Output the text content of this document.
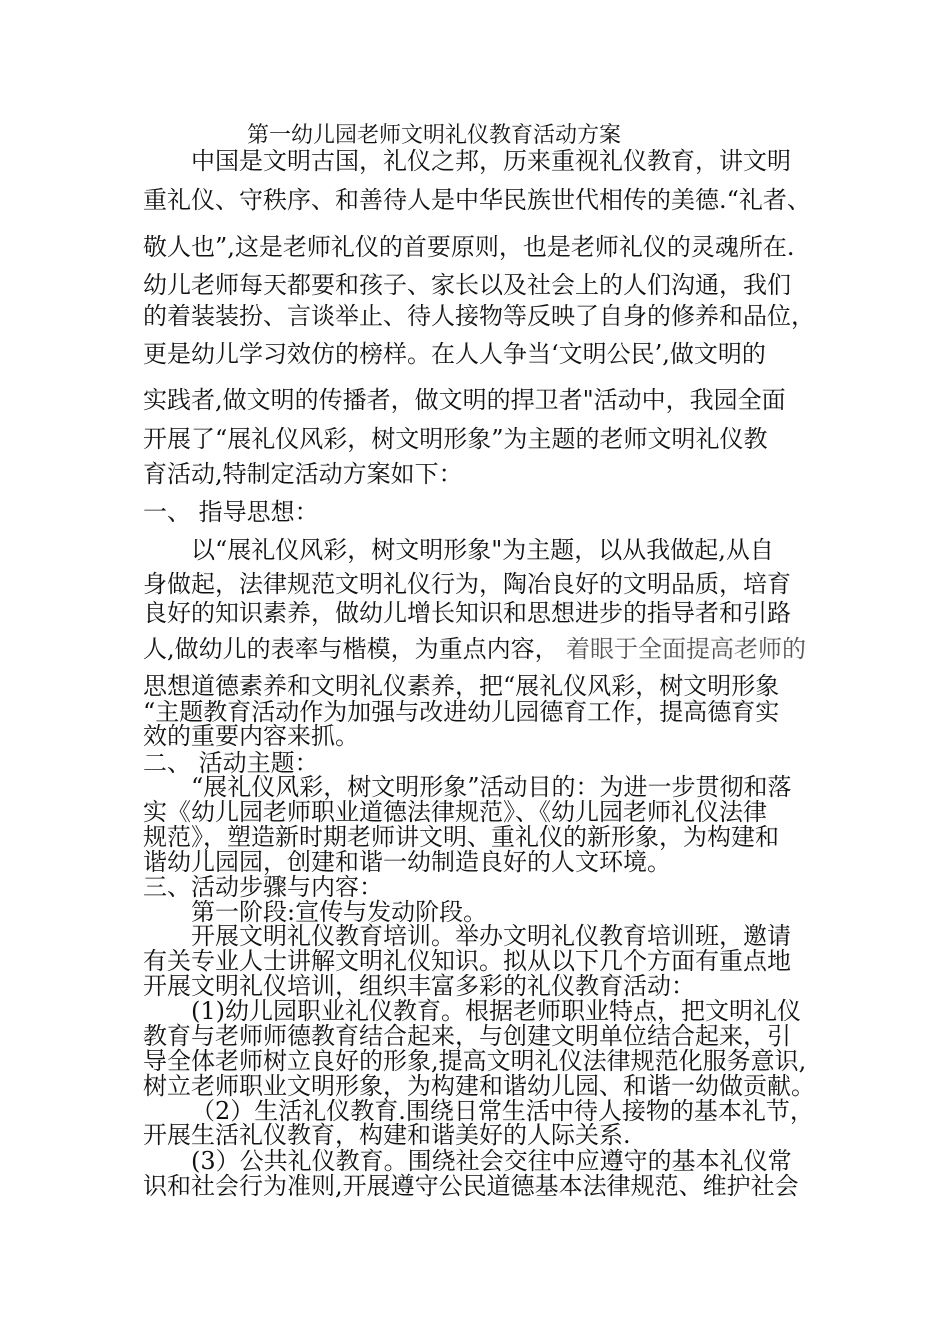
第一幼儿园老师文明礼仪教育活动方案

中国是文明古国，礼仪之邦，历来重视礼仪教育，讲文明

重礼仪、守秩序、和善待人是中华民族世代相传的美德.“礼者、

敬人也”,这是老师礼仪的首要原则，也是老师礼仪的灵魂所在.

幼儿老师每天都要和孩子、家长以及社会上的人们沟通，我们

的着装装扮、言谈举止、待人接物等反映了自身的修养和品位，

更是幼儿学习效仿的榜样。在人人争当‘文明公民’,做文明的

实践者,做文明的传播者，做文明的捍卫者"活动中，我园全面

开展了“展礼仪风彩，树文明形象”为主题的老师文明礼仪教

育活动,特制定活动方案如下：

一、 指导思想：

以“展礼仪风彩，树文明形象"为主题，以从我做起,从自

身做起，法律规范文明礼仪行为，陶冶良好的文明品质，培育

良好的知识素养，做幼儿增长知识和思想进步的指导者和引路

人,做幼儿的表率与楷模，为重点内容， 着眼于全面提高老师的

思想道德素养和文明礼仪素养，把“展礼仪风彩，树文明形象

“主题教育活动作为加强与改进幼儿园德育工作，提高德育实

效的重要内容来抓。

二、 活动主题：

“展礼仪风彩，树文明形象”活动目的：为进一步贯彻和落

实《幼儿园老师职业道德法律规范》、《幼儿园老师礼仪法律

规范》，塑造新时期老师讲文明、重礼仪的新形象，为构建和

谐幼儿园园，创建和谐一幼制造良好的人文环境。

三、活动步骤与内容：

第一阶段:宣传与发动阶段。

开展文明礼仪教育培训。举办文明礼仪教育培训班，邀请

有关专业人士讲解文明礼仪知识。拟从以下几个方面有重点地

开展文明礼仪培训，组织丰富多彩的礼仪教育活动：

(1)幼儿园职业礼仪教育。根据老师职业特点，把文明礼仪

教育与老师师德教育结合起来，与创建文明单位结合起来，引

导全体老师树立良好的形象,提高文明礼仪法律规范化服务意识,

树立老师职业文明形象，为构建和谐幼儿园、和谐一幼做贡献。

（2）生活礼仪教育.围绕日常生活中待人接物的基本礼节，

开展生活礼仪教育，构建和谐美好的人际关系.

(3）公共礼仪教育。围绕社会交往中应遵守的基本礼仪常

识和社会行为准则,开展遵守公民道德基本法律规范、维护社会
